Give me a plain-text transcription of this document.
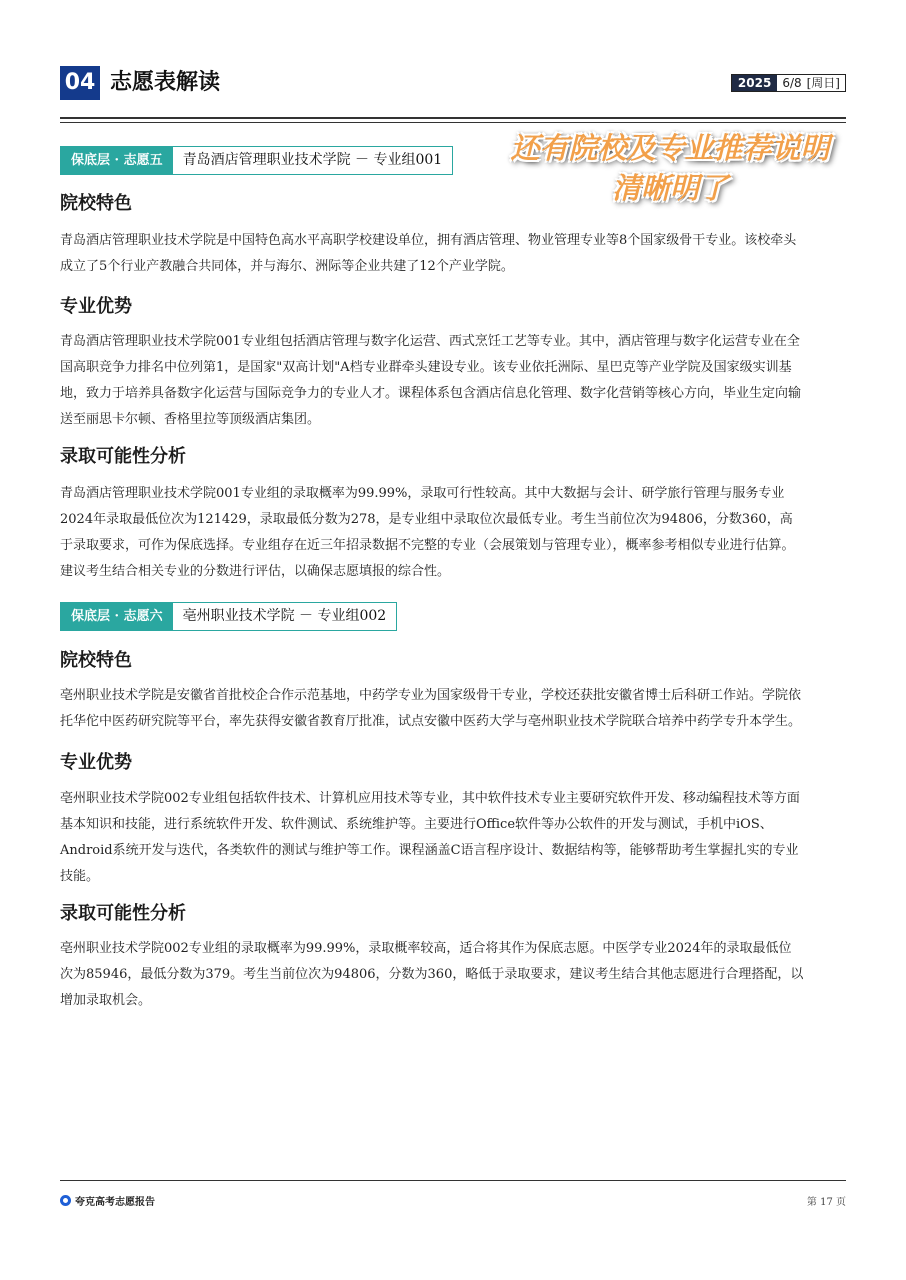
04 志愿表解读	2025 6/8 [周日]
保底层 · 志愿五	青岛酒店管理职业技术学院 － 专业组001	还有院校及专业推荐说明
清晰明了
院校特色
青岛酒店管理职业技术学院是中国特色高水平高职学校建设单位，拥有酒店管理、物业管理专业等8个国家级骨干专业。该校牵头
成立了5个行业产教融合共同体，并与海尔、洲际等企业共建了12个产业学院。
专业优势
青岛酒店管理职业技术学院001专业组包括酒店管理与数字化运营、西式烹饪工艺等专业。其中，酒店管理与数字化运营专业在全
国高职竞争力排名中位列第1，是国家"双高计划"A档专业群牵头建设专业。该专业依托洲际、星巴克等产业学院及国家级实训基
地，致力于培养具备数字化运营与国际竞争力的专业人才。课程体系包含酒店信息化管理、数字化营销等核心方向，毕业生定向输
送至丽思卡尔顿、香格里拉等顶级酒店集团。
录取可能性分析
青岛酒店管理职业技术学院001专业组的录取概率为99.99%，录取可行性较高。其中大数据与会计、研学旅行管理与服务专业
2024年录取最低位次为121429，录取最低分数为278，是专业组中录取位次最低专业。考生当前位次为94806，分数360，高
于录取要求，可作为保底选择。专业组存在近三年招录数据不完整的专业（会展策划与管理专业），概率参考相似专业进行估算。
建议考生结合相关专业的分数进行评估，以确保志愿填报的综合性。
保底层 · 志愿六	亳州职业技术学院 － 专业组002
院校特色
亳州职业技术学院是安徽省首批校企合作示范基地，中药学专业为国家级骨干专业，学校还获批安徽省博士后科研工作站。学院依
托华佗中医药研究院等平台，率先获得安徽省教育厅批准，试点安徽中医药大学与亳州职业技术学院联合培养中药学专升本学生。
专业优势
亳州职业技术学院002专业组包括软件技术、计算机应用技术等专业，其中软件技术专业主要研究软件开发、移动编程技术等方面
基本知识和技能，进行系统软件开发、软件测试、系统维护等。主要进行Office软件等办公软件的开发与测试，手机中iOS、
Android系统开发与迭代，各类软件的测试与维护等工作。课程涵盖C语言程序设计、数据结构等，能够帮助考生掌握扎实的专业
技能。
录取可能性分析
亳州职业技术学院002专业组的录取概率为99.99%，录取概率较高，适合将其作为保底志愿。中医学专业2024年的录取最低位
次为85946，最低分数为379。考生当前位次为94806，分数为360，略低于录取要求，建议考生结合其他志愿进行合理搭配，以
增加录取机会。
夸克高考志愿报告	第 17 页
